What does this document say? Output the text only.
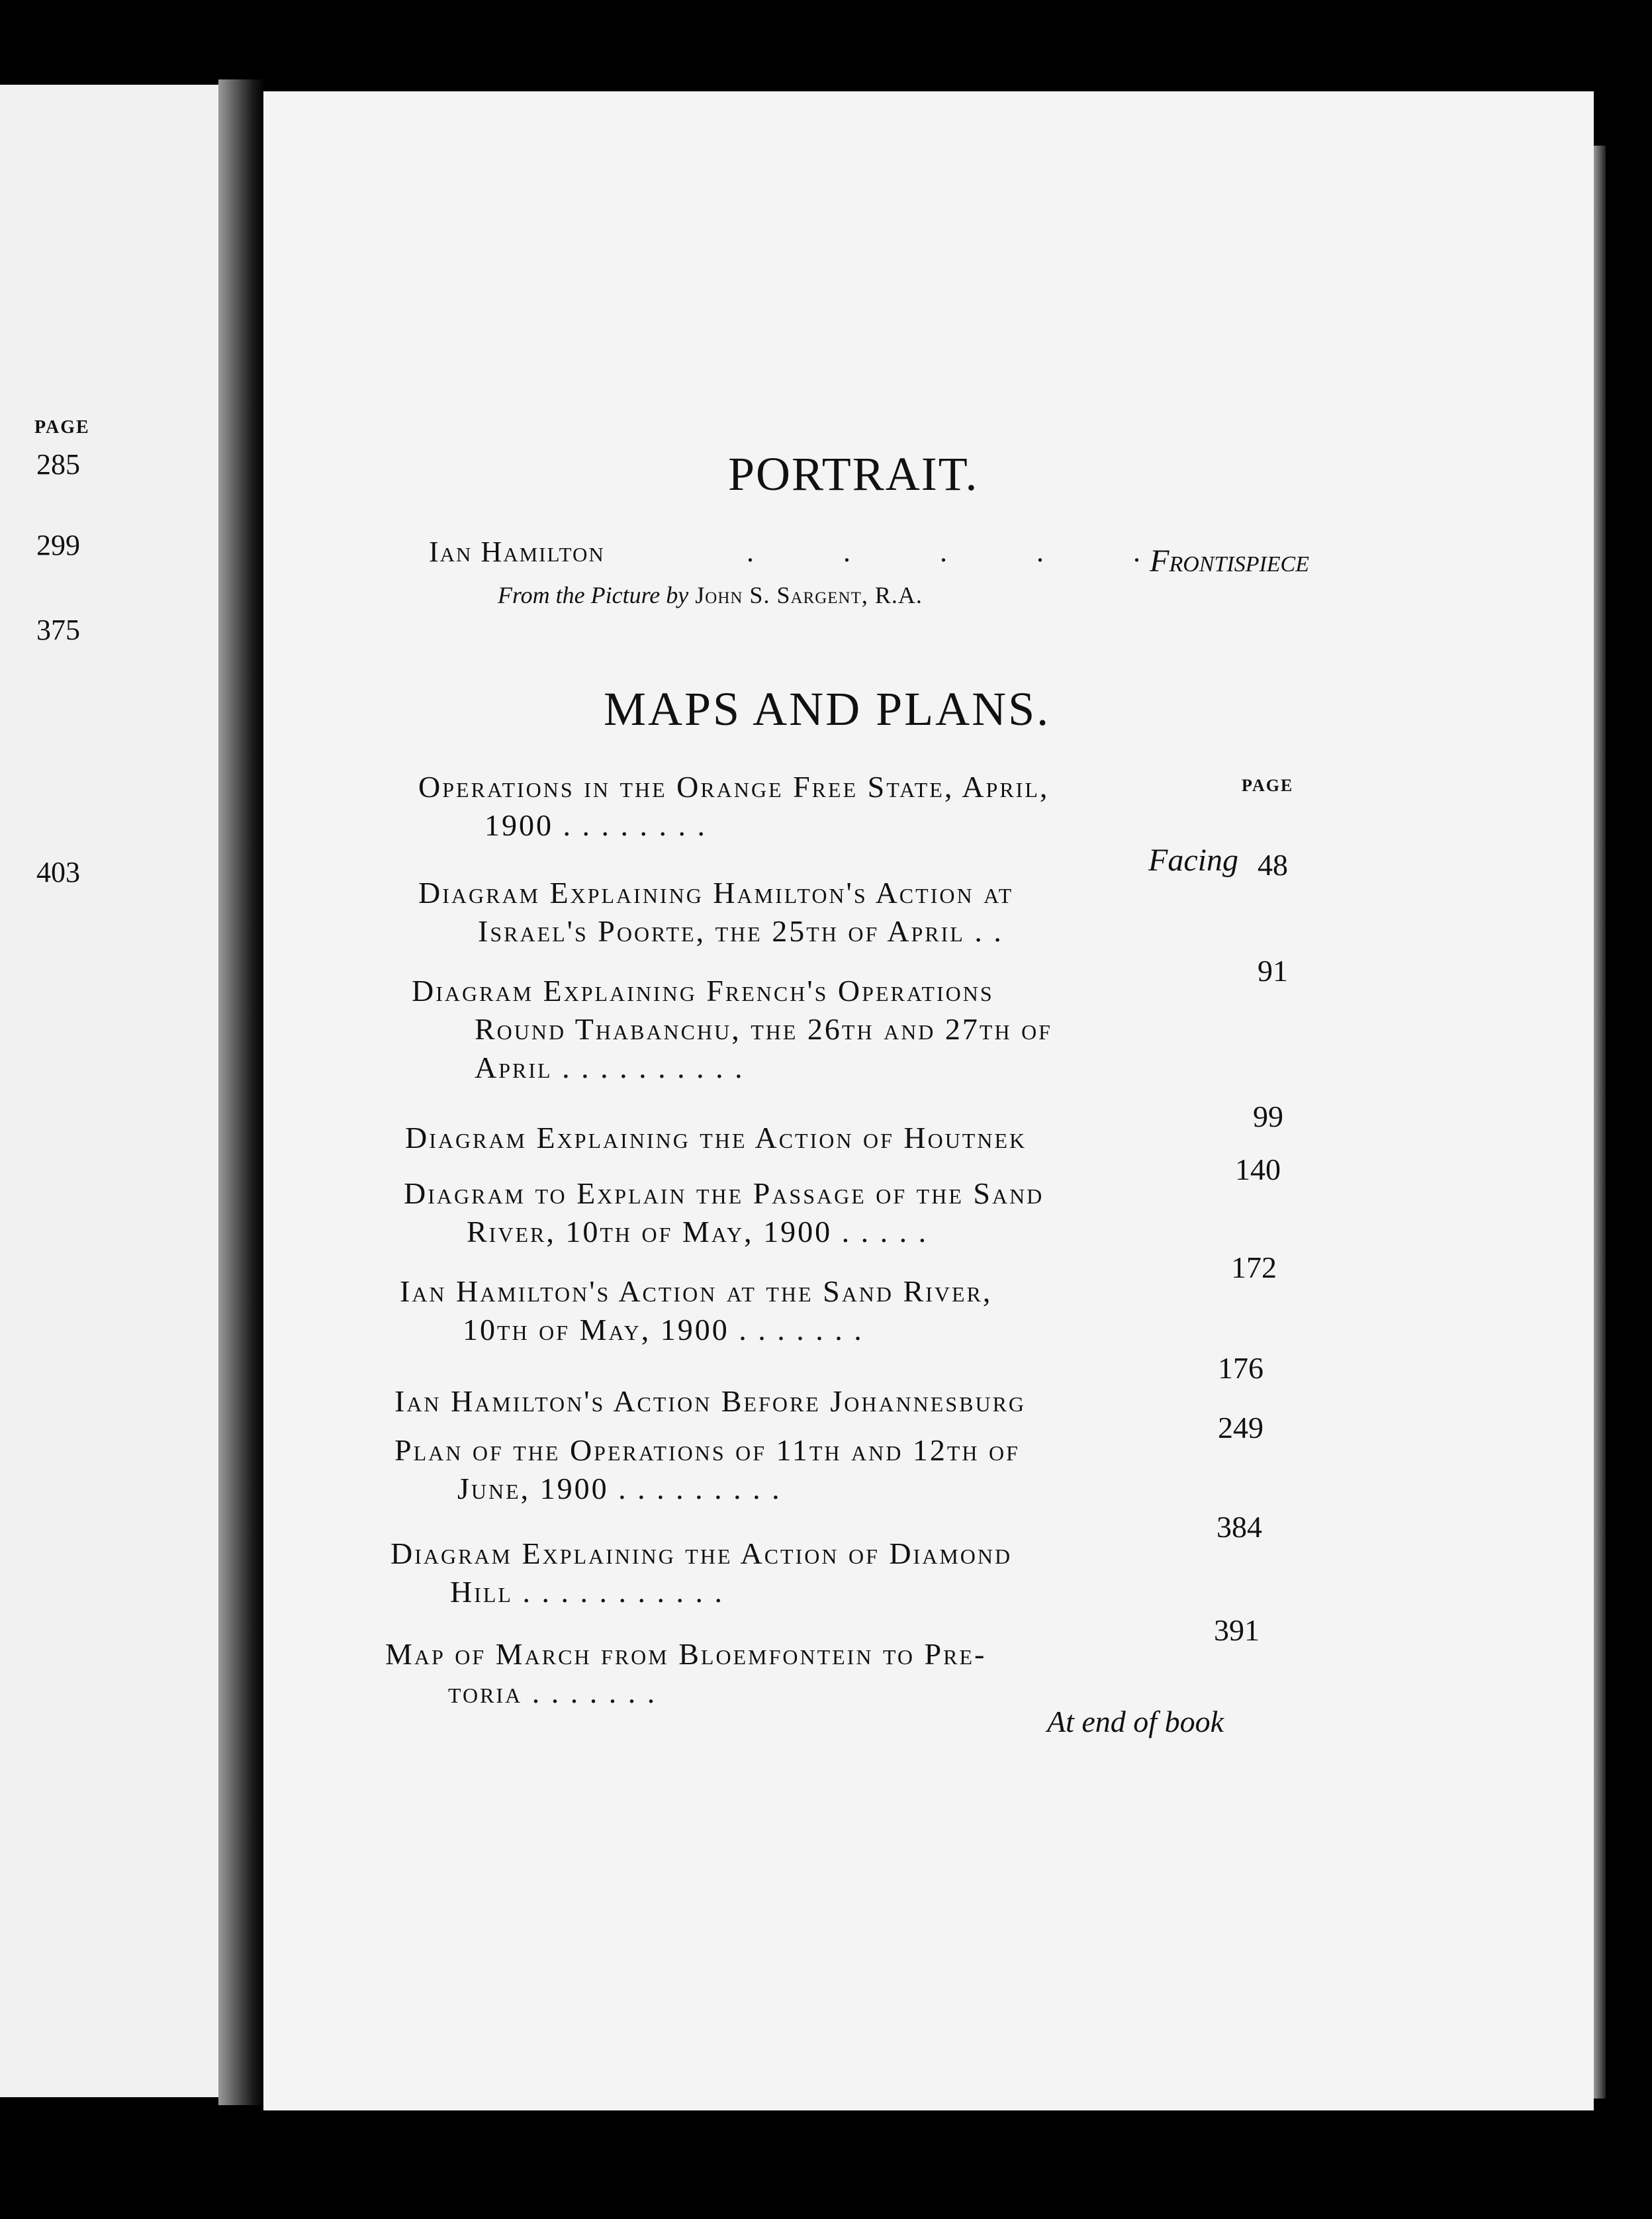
PAGE
285
299
375
403
PORTRAIT.
Ian Hamilton	. . . . .
Frontispiece
From the Picture by John S. Sargent, R.A.
MAPS AND PLANS.
PAGE
Operations in the Orange Free State, April,
1900 . . . . . . . .
Facing 48
Diagram Explaining Hamilton's Action at
Israel's Poorte, the 25th of April . .
91
Diagram Explaining French's Operations
Round Thabanchu, the 26th and 27th of
April . . . . . . . . . .
99
Diagram Explaining the Action of Houtnek
140
Diagram to Explain the Passage of the Sand
River, 10th of May, 1900 . . . . .
172
Ian Hamilton's Action at the Sand River,
10th of May, 1900 . . . . . . .
176
Ian Hamilton's Action Before Johannesburg
249
Plan of the Operations of 11th and 12th of
June, 1900 . . . . . . . . .
384
Diagram Explaining the Action of Diamond
Hill . . . . . . . . . . .
391
Map of March from Bloemfontein to Pre-
toria . . . . . . .
At end of book
